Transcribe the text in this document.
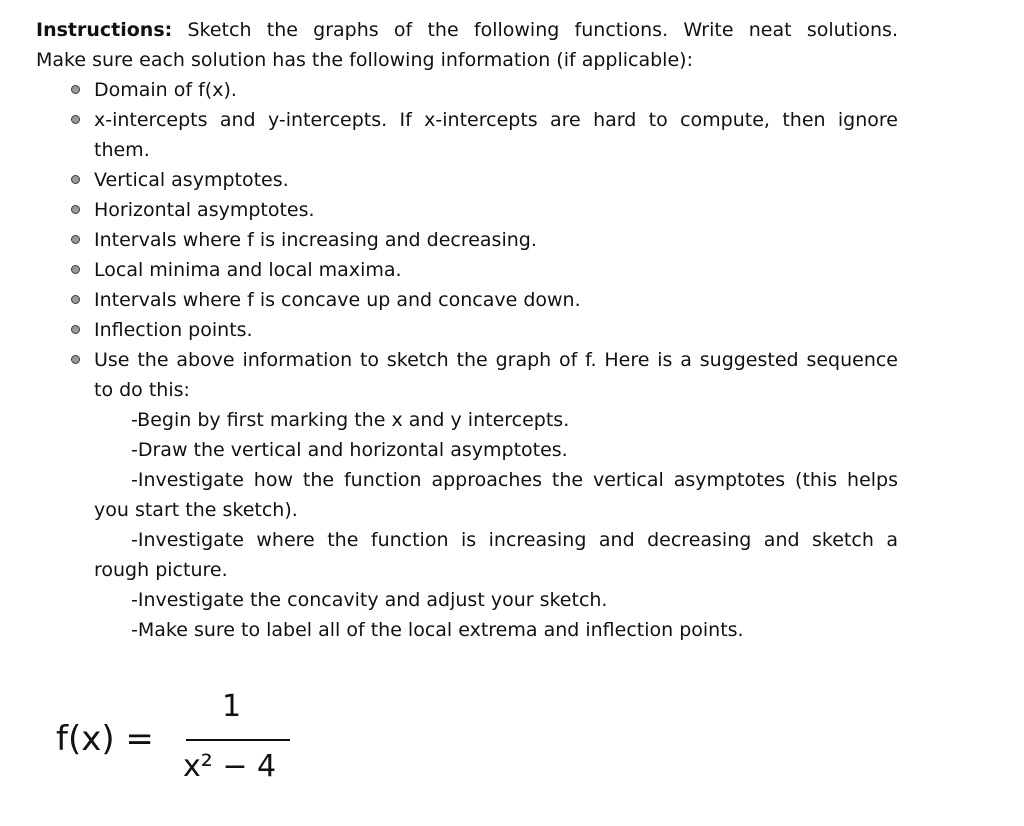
Instructions: Sketch the graphs of the following functions. Write neat solutions.
Make sure each solution has the following information (if applicable):
Domain of f(x).
x-intercepts and y-intercepts. If x-intercepts are hard to compute, then ignore
them.
Vertical asymptotes.
Horizontal asymptotes.
Intervals where f is increasing and decreasing.
Local minima and local maxima.
Intervals where f is concave up and concave down.
Inflection points.
Use the above information to sketch the graph of f. Here is a suggested sequence
to do this:
-Begin by first marking the x and y intercepts.
-Draw the vertical and horizontal asymptotes.
-Investigate how the function approaches the vertical asymptotes (this helps
you start the sketch).
-Investigate where the function is increasing and decreasing and sketch a
rough picture.
-Investigate the concavity and adjust your sketch.
-Make sure to label all of the local extrema and inflection points.
f(x) =
1
x² − 4
